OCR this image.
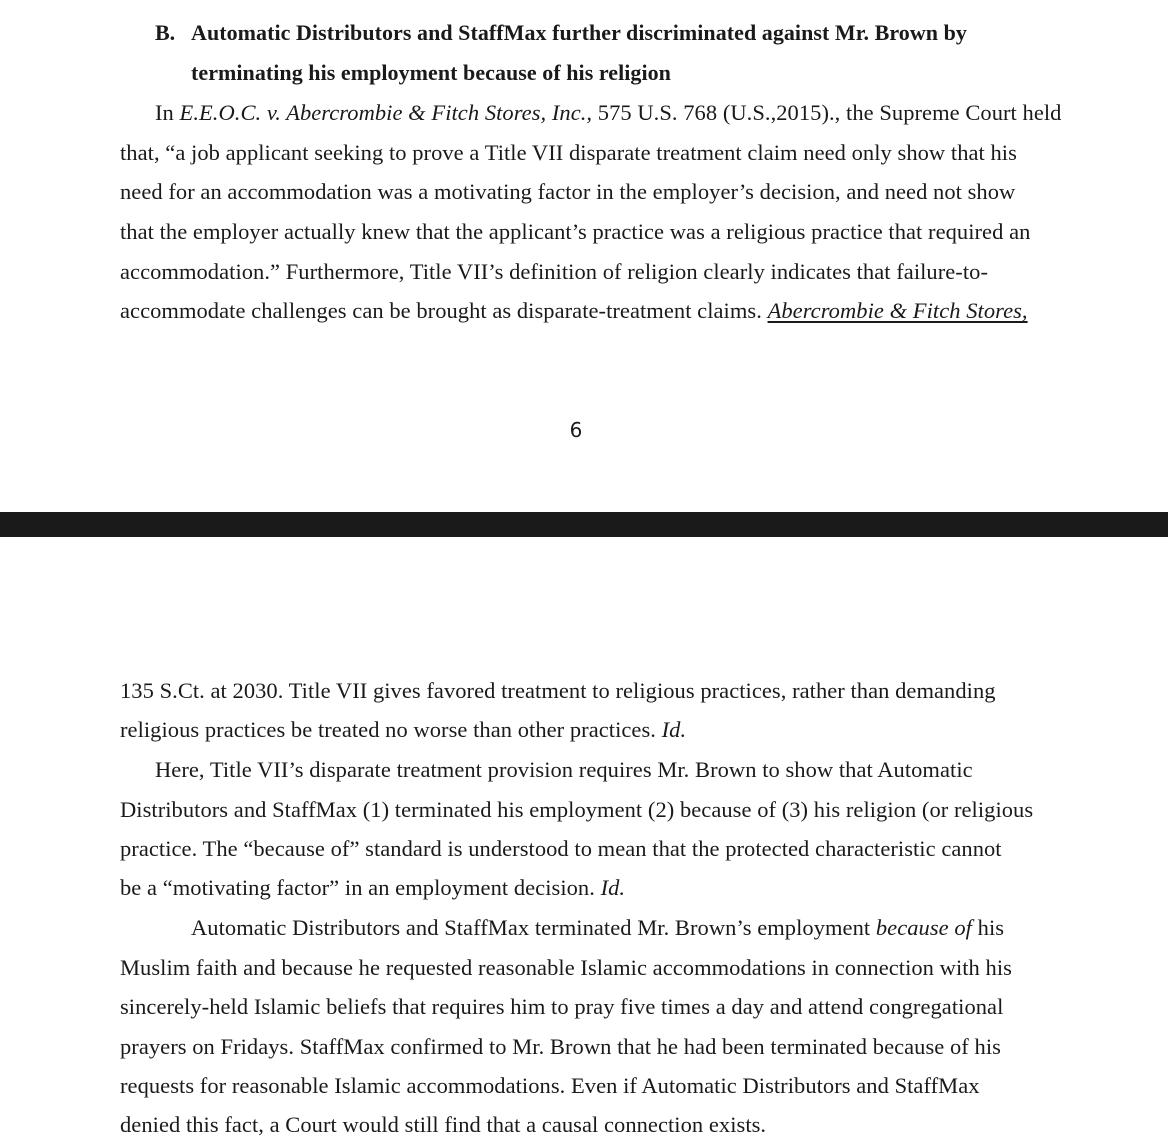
B. Automatic Distributors and StaffMax further discriminated against Mr. Brown by
terminating his employment because of his religion
In E.E.O.C. v. Abercrombie & Fitch Stores, Inc., 575 U.S. 768 (U.S.,2015)., the Supreme Court held
that, “a job applicant seeking to prove a Title VII disparate treatment claim need only show that his
need for an accommodation was a motivating factor in the employer’s decision, and need not show
that the employer actually knew that the applicant’s practice was a religious practice that required an
accommodation.” Furthermore, Title VII’s definition of religion clearly indicates that failure-to-
accommodate challenges can be brought as disparate-treatment claims. Abercrombie & Fitch Stores,
6
135 S.Ct. at 2030. Title VII gives favored treatment to religious practices, rather than demanding
religious practices be treated no worse than other practices. Id.
Here, Title VII’s disparate treatment provision requires Mr. Brown to show that Automatic
Distributors and StaffMax (1) terminated his employment (2) because of (3) his religion (or religious
practice. The “because of” standard is understood to mean that the protected characteristic cannot
be a “motivating factor” in an employment decision. Id.
Automatic Distributors and StaffMax terminated Mr. Brown’s employment because of his
Muslim faith and because he requested reasonable Islamic accommodations in connection with his
sincerely-held Islamic beliefs that requires him to pray five times a day and attend congregational
prayers on Fridays. StaffMax confirmed to Mr. Brown that he had been terminated because of his
requests for reasonable Islamic accommodations. Even if Automatic Distributors and StaffMax
denied this fact, a Court would still find that a causal connection exists.
